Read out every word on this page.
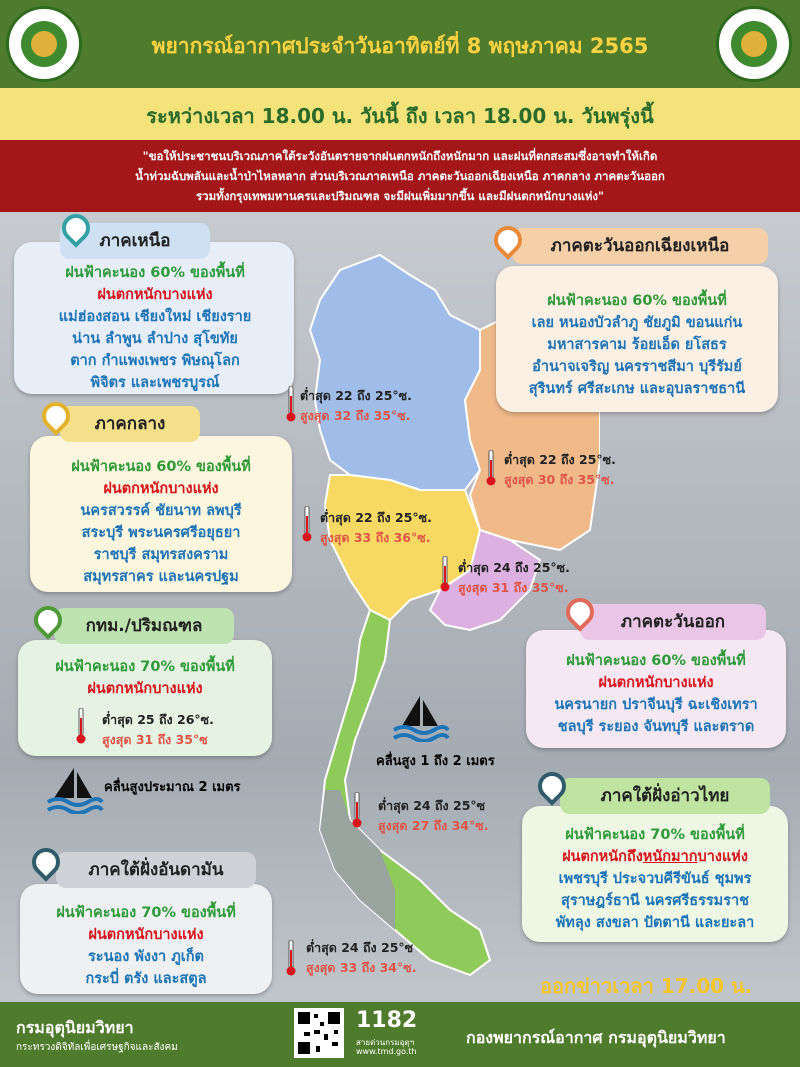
พยากรณ์อากาศประจำวันอาทิตย์ที่ 8 พฤษภาคม 2565
ระหว่างเวลา 18.00 น. วันนี้ ถึง เวลา 18.00 น. วันพรุ่งนี้
"ขอให้ประชาชนบริเวณภาคใต้ระวังอันตรายจากฝนตกหนักถึงหนักมาก และฝนที่ตกสะสมซึ่งอาจทำให้เกิด
น้ำท่วมฉับพลันและน้ำป่าไหลหลาก ส่วนบริเวณภาคเหนือ ภาคตะวันออกเฉียงเหนือ ภาคกลาง ภาคตะวันออก
รวมทั้งกรุงเทพมหานครและปริมณฑล จะมีฝนเพิ่มมากขึ้น และมีฝนตกหนักบางแห่ง"
ภาคเหนือ
ฝนฟ้าคะนอง 60% ของพื้นที่
ฝนตกหนักบางแห่ง
แม่ฮ่องสอน เชียงใหม่ เชียงราย
น่าน ลำพูน ลำปาง สุโขทัย
ตาก กำแพงเพชร พิษณุโลก
พิจิตร และเพชรบูรณ์
ต่ำสุด 22 ถึง 25°ซ.
สูงสุด 32 ถึง 35°ซ.
ภาคตะวันออกเฉียงเหนือ
ฝนฟ้าคะนอง 60% ของพื้นที่
เลย หนองบัวลำภู ชัยภูมิ ขอนแก่น
มหาสารคาม ร้อยเอ็ด ยโสธร
อำนาจเจริญ นครราชสีมา บุรีรัมย์
สุรินทร์ ศรีสะเกษ และอุบลราชธานี
ต่ำสุด 22 ถึง 25°ซ.
สูงสุด 30 ถึง 35°ซ.
ภาคกลาง
ฝนฟ้าคะนอง 60% ของพื้นที่
ฝนตกหนักบางแห่ง
นครสวรรค์ ชัยนาท ลพบุรี
สระบุรี พระนครศรีอยุธยา
ราชบุรี สมุทรสงคราม
สมุทรสาคร และนครปฐม
ต่ำสุด 22 ถึง 25°ซ.
สูงสุด 33 ถึง 36°ซ.
ต่ำสุด 24 ถึง 25°ซ.
สูงสุด 31 ถึง 35°ซ.
กทม./ปริมณฑล
ฝนฟ้าคะนอง 70% ของพื้นที่
ฝนตกหนักบางแห่ง
ต่ำสุด 25 ถึง 26°ซ.
สูงสุด 31 ถึง 35°ซ
ภาคตะวันออก
ฝนฟ้าคะนอง 60% ของพื้นที่
ฝนตกหนักบางแห่ง
นครนายก ปราจีนบุรี ฉะเชิงเทรา
ชลบุรี ระยอง จันทบุรี และตราด
คลื่นสูงประมาณ 2 เมตร
คลื่นสูง 1 ถึง 2 เมตร
ต่ำสุด 24 ถึง 25°ซ
สูงสุด 27 ถึง 34°ซ.
ภาคใต้ฝั่งอ่าวไทย
ฝนฟ้าคะนอง 70% ของพื้นที่
ฝนตกหนักถึงหนักมากบางแห่ง
เพชรบุรี ประจวบคีรีขันธ์ ชุมพร
สุราษฎร์ธานี นครศรีธรรมราช
พัทลุง สงขลา ปัตตานี และยะลา
ภาคใต้ฝั่งอันดามัน
ฝนฟ้าคะนอง 70% ของพื้นที่
ฝนตกหนักบางแห่ง
ระนอง พังงา ภูเก็ต
กระบี่ ตรัง และสตูล
ต่ำสุด 24 ถึง 25°ซ
สูงสุด 33 ถึง 34°ซ.
ออกข่าวเวลา 17.00 น.
กรมอุตุนิยมวิทยา
กระทรวงดิจิทัลเพื่อเศรษฐกิจและสังคม
1182
สายด่วนกรมอุตุฯ
www.tmd.go.th
กองพยากรณ์อากาศ กรมอุตุนิยมวิทยา
